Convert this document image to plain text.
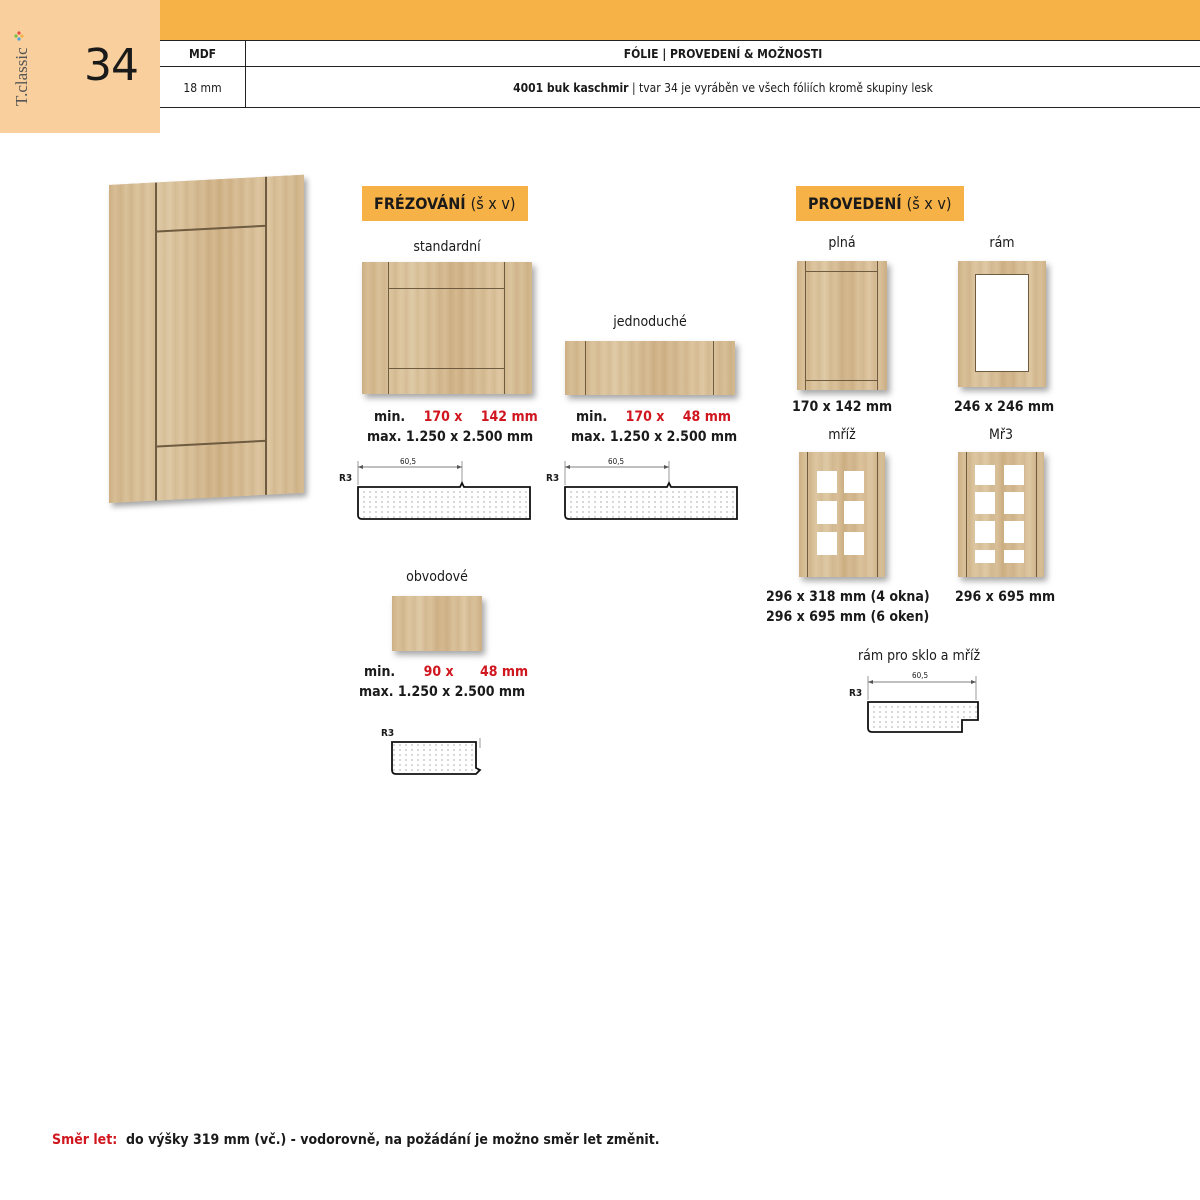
T.classic 34	MDF	FÓLIE | PROVEDENÍ & MOŽNOSTI
18 mm	4001 buk kaschmir | tvar 34 je vyráběn ve všech fóliích kromě skupiny lesk
FRÉZOVÁNÍ (š x v)
standardní
min. 170 x 142 mm
max. 1.250 x 2.500 mm
jednoduché
min. 170 x 48 mm
max. 1.250 x 2.500 mm
R3
60,5
R3
60,5
obvodové
min. 90 x 48 mm
max. 1.250 x 2.500 mm
R3
PROVEDENÍ (š x v)
plná
170 x 142 mm
rám
246 x 246 mm
mříž
296 x 318 mm (4 okna)
296 x 695 mm (6 oken)
Mř3
296 x 695 mm
rám pro sklo a mříž
R3
60,5
Směr let:  do výšky 319 mm (vč.) - vodorovně, na požádání je možno směr let změnit.
